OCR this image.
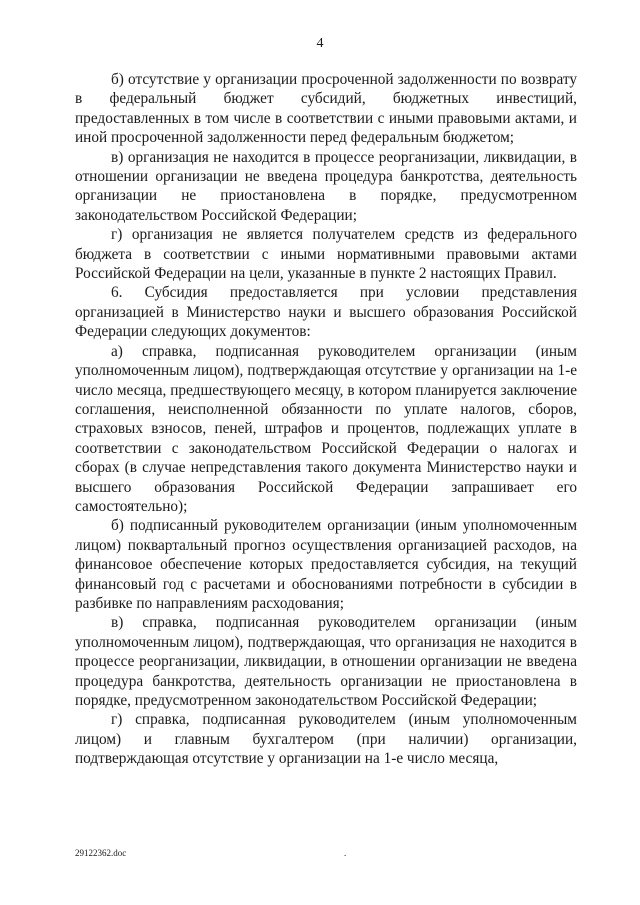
4

б) отсутствие у организации просроченной задолженности по возврату в федеральный бюджет субсидий, бюджетных инвестиций, предоставленных в том числе в соответствии с иными правовыми актами, и иной просроченной задолженности перед федеральным бюджетом;

в) организация не находится в процессе реорганизации, ликвидации, в отношении организации не введена процедура банкротства, деятельность организации не приостановлена в порядке, предусмотренном законодательством Российской Федерации;

г) организация не является получателем средств из федерального бюджета в соответствии с иными нормативными правовыми актами Российской Федерации на цели, указанные в пункте 2 настоящих Правил.

6. Субсидия предоставляется при условии представления организацией в Министерство науки и высшего образования Российской Федерации следующих документов:

а) справка, подписанная руководителем организации (иным уполномоченным лицом), подтверждающая отсутствие у организации на 1-е число месяца, предшествующего месяцу, в котором планируется заключение соглашения, неисполненной обязанности по уплате налогов, сборов, страховых взносов, пеней, штрафов и процентов, подлежащих уплате в соответствии с законодательством Российской Федерации о налогах и сборах (в случае непредставления такого документа Министерство науки и высшего образования Российской Федерации запрашивает его самостоятельно);

б) подписанный руководителем организации (иным уполномоченным лицом) поквартальный прогноз осуществления организацией расходов, на финансовое обеспечение которых предоставляется субсидия, на текущий финансовый год с расчетами и обоснованиями потребности в субсидии в разбивке по направлениям расходования;

в) справка, подписанная руководителем организации (иным уполномоченным лицом), подтверждающая, что организация не находится в процессе реорганизации, ликвидации, в отношении организации не введена процедура банкротства, деятельность организации не приостановлена в порядке, предусмотренном законодательством Российской Федерации;

г) справка, подписанная руководителем (иным уполномоченным лицом) и главным бухгалтером (при наличии) организации, подтверждающая отсутствие у организации на 1-е число месяца,

29122362.doc	.
